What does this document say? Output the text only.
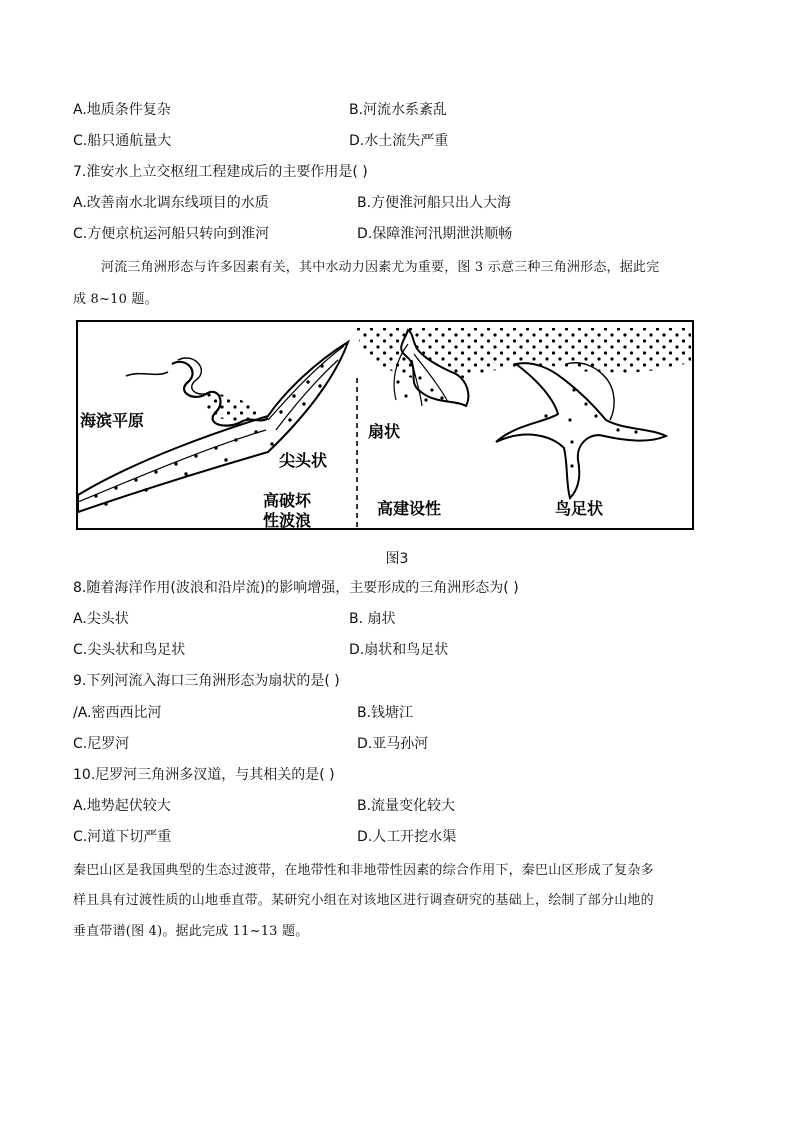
A.地质条件复杂	B.河流水系紊乱
C.船只通航量大	D.水土流失严重
7.淮安水上立交枢纽工程建成后的主要作用是( )
A.改善南水北调东线项目的水质	B.方便淮河船只出人大海
C.方便京杭运河船只转向到淮河	D.保障淮河汛期泄洪顺畅
河流三角洲形态与许多因素有关，其中水动力因素尤为重要，图 3 示意三种三角洲形态，据此完
成 8~10 题。
海滨平原
尖头状
高破坏
性波浪
扇状
高建设性	鸟足状
图3
8.随着海洋作用(波浪和沿岸流)的影响增强，主要形成的三角洲形态为( )
A.尖头状	B. 扇状
C.尖头状和鸟足状	D.扇状和鸟足状
9.下列河流入海口三角洲形态为扇状的是( )
/A.密西西比河	B.钱塘江
C.尼罗河	D.亚马孙河
10.尼罗河三角洲多汊道，与其相关的是( )
A.地势起伏较大	B.流量变化较大
C.河道下切严重	D.人工开挖水渠
秦巴山区是我国典型的生态过渡带，在地带性和非地带性因素的综合作用下，秦巴山区形成了复杂多
样且具有过渡性质的山地垂直带。某研究小组在对该地区进行调查研究的基础上，绘制了部分山地的
垂直带谱(图 4)。据此完成 11~13 题。
